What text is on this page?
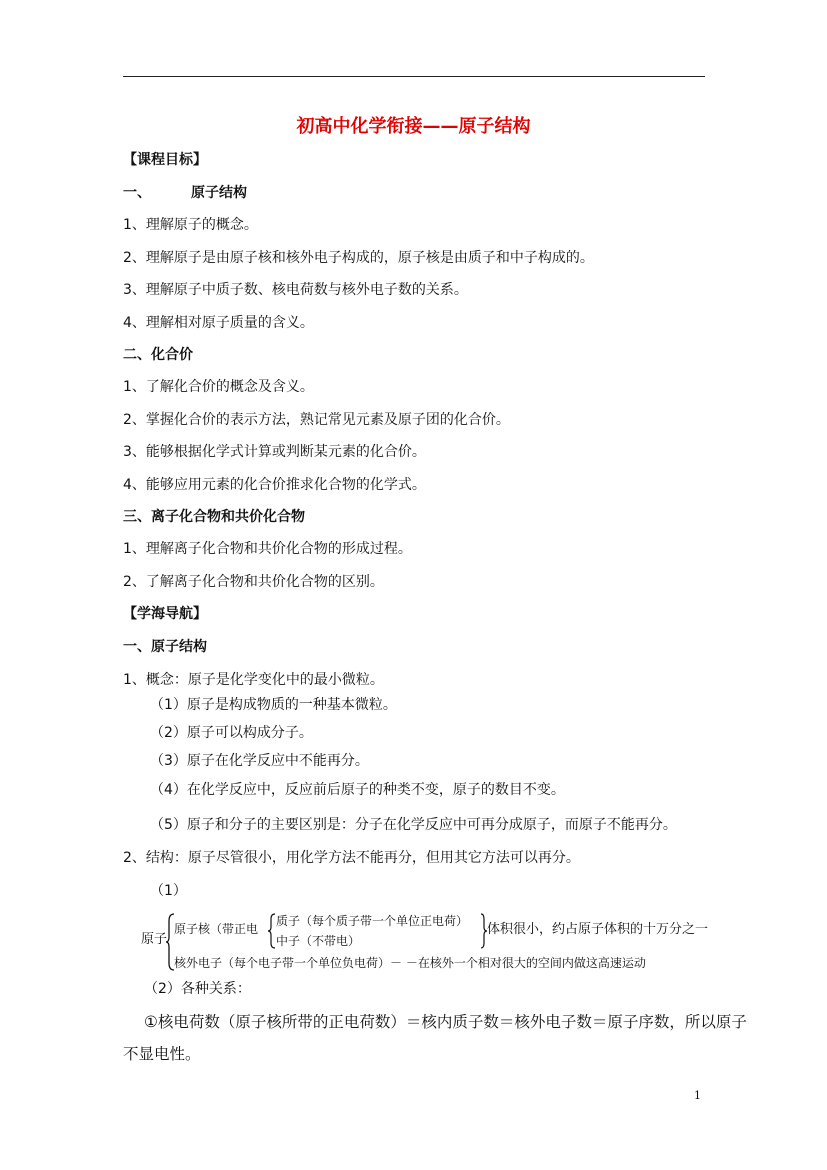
初高中化学衔接——原子结构
【课程目标】
一、	原子结构
1、理解原子的概念。
2、理解原子是由原子核和核外电子构成的，原子核是由质子和中子构成的。
3、理解原子中质子数、核电荷数与核外电子数的关系。
4、理解相对原子质量的含义。
二、化合价
1、了解化合价的概念及含义。
2、掌握化合价的表示方法，熟记常见元素及原子团的化合价。
3、能够根据化学式计算或判断某元素的化合价。
4、能够应用元素的化合价推求化合物的化学式。
三、离子化合物和共价化合物
1、理解离子化合物和共价化合物的形成过程。
2、了解离子化合物和共价化合物的区别。
【学海导航】
一、原子结构
1、概念：原子是化学变化中的最小微粒。
（1）原子是构成物质的一种基本微粒。
（2）原子可以构成分子。
（3）原子在化学反应中不能再分。
（4）在化学反应中，反应前后原子的种类不变，原子的数目不变。
（5）原子和分子的主要区别是：分子在化学反应中可再分成原子，而原子不能再分。
2、结构：原子尽管很小，用化学方法不能再分，但用其它方法可以再分。
（1）
原子
原子核（带正电
质子（每个质子带一个单位正电荷）
中子（不带电）
体积很小，约占原子体积的十万分之一
核外电子（每个电子带一个单位负电荷）－ －在核外一个相对很大的空间内做这高速运动
（2）各种关系：
①核电荷数（原子核所带的正电荷数）＝核内质子数＝核外电子数＝原子序数，所以原子
不显电性。
1
